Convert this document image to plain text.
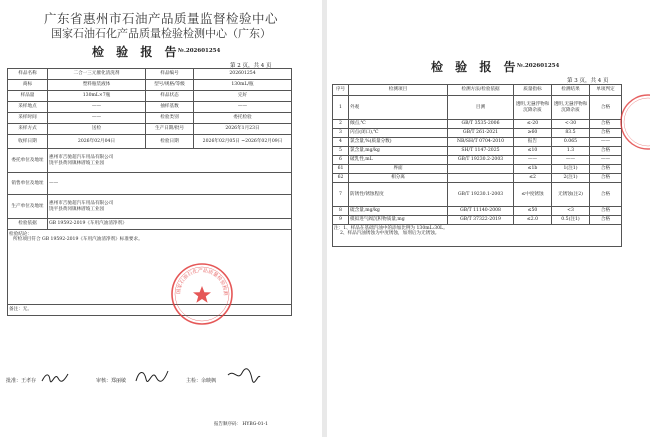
广东省惠州市石油产品质量监督检验中心
国家石油石化产品质量检验检测中心（广东）
检 验 报 告
№.202601254
第 2 页，共 4 页
样品名称	二合一三元催化清洗剂	样品编号	202601254
商标	塑料瓶装液体	型号/规格/等级	130mL/瓶
样品量	130mL×7瓶	样品状态	完好
采样地点	——	抽样基数	——
采样时间	——	检验类别	委托检验
来样方式	送检	生产日期/批号	2026年1月23日
收样日期	2026年02月04日	检验日期	2026年02月05日 ~2026年02月09日
委托单位及地址	惠州市吉驰超汽车用品有限公司
饶平县黄冈镇林厝坡工业园		

销售单位及地址	——		
生产单位及地址	惠州市吉驰超汽车用品有限公司
饶平县黄冈镇林厝坡工业园		

检验依据	GB 19592-2019《车用汽油清净剂》		

检验结论：
所检项目符合 GB 19592-2019《车用汽油清净剂》标准要求。			

备注：无。			
国家石油石化产品质量检验检测中心（广东）
批准：王孝存	审核：郑丽敏	主检：余映枫
报告顺序码： HYBG-01-1
检 验 报 告
№.202601254
第 3 页，共 4 页
序号	检测项目	检测方法/检验依据	质量指标	检测结果	单项判定
1	外观	目测	透明,无悬浮物和沉降杂质	透明,无悬浮物和沉降杂质	合格
2	倾点,℃	GB/T 3535-2006	≤-20	<-30	合格
3	闪点(闭口),℃	GB/T 261-2021	≥60	83.5	合格
4	氯含量,%(质量分数)	NB/SH/T 0704-2010	报告	0.065	——
5	氯含量,mg/kg	SH/T 1147-2025	≤10	1.3	合格
6	破乳性,mL	GB/T 19230.2-2003	——	——	——
61	界面		≤1b	1(注1)	合格
62	相分离		≤2	2(注1)	合格
7	防锈性/锈蚀程度	GB/T 19230.1-2003	≤中度锈蚀	无锈蚀(注2)	合格
8	硫含量,mg/kg	GB/T 11140-2008	≤50	<3	合格
9	模拟进气阀沉积物质量,mg	GB/T 37322-2019	≤2.0	0.5(注1)	合格

注：1、样品在基础汽油中的添加比例为 130mL:30L。
2、样品汽油锈蚀为中度锈蚀，加剂后为无锈蚀。					
